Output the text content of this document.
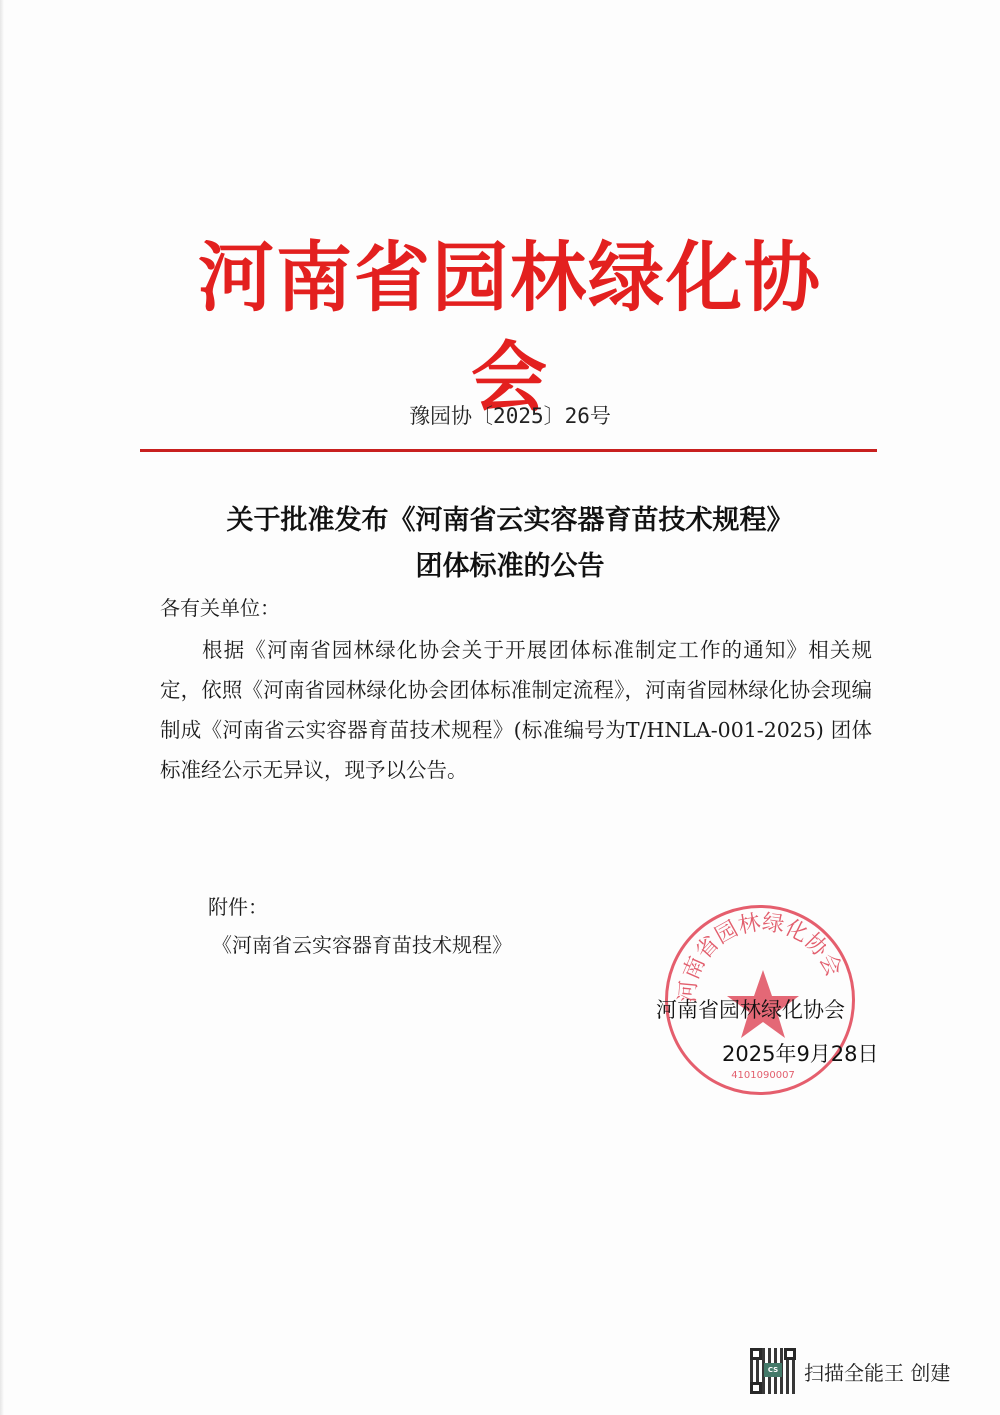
河南省园林绿化协会
豫园协〔2025〕26号
关于批准发布《河南省云实容器育苗技术规程》
团体标准的公告
各有关单位：
根据《河南省园林绿化协会关于开展团体标准制定工作的通知》相关规定，依照《河南省园林绿化协会团体标准制定流程》，河南省园林绿化协会现编制成《河南省云实容器育苗技术规程》(标准编号为T/HNLA-001-2025) 团体标准经公示无异议，现予以公告。
附件：
《河南省云实容器育苗技术规程》
河南省园林绿化协会
4101090007
河南省园林绿化协会
2025年9月28日
CS 扫描全能王 创建
